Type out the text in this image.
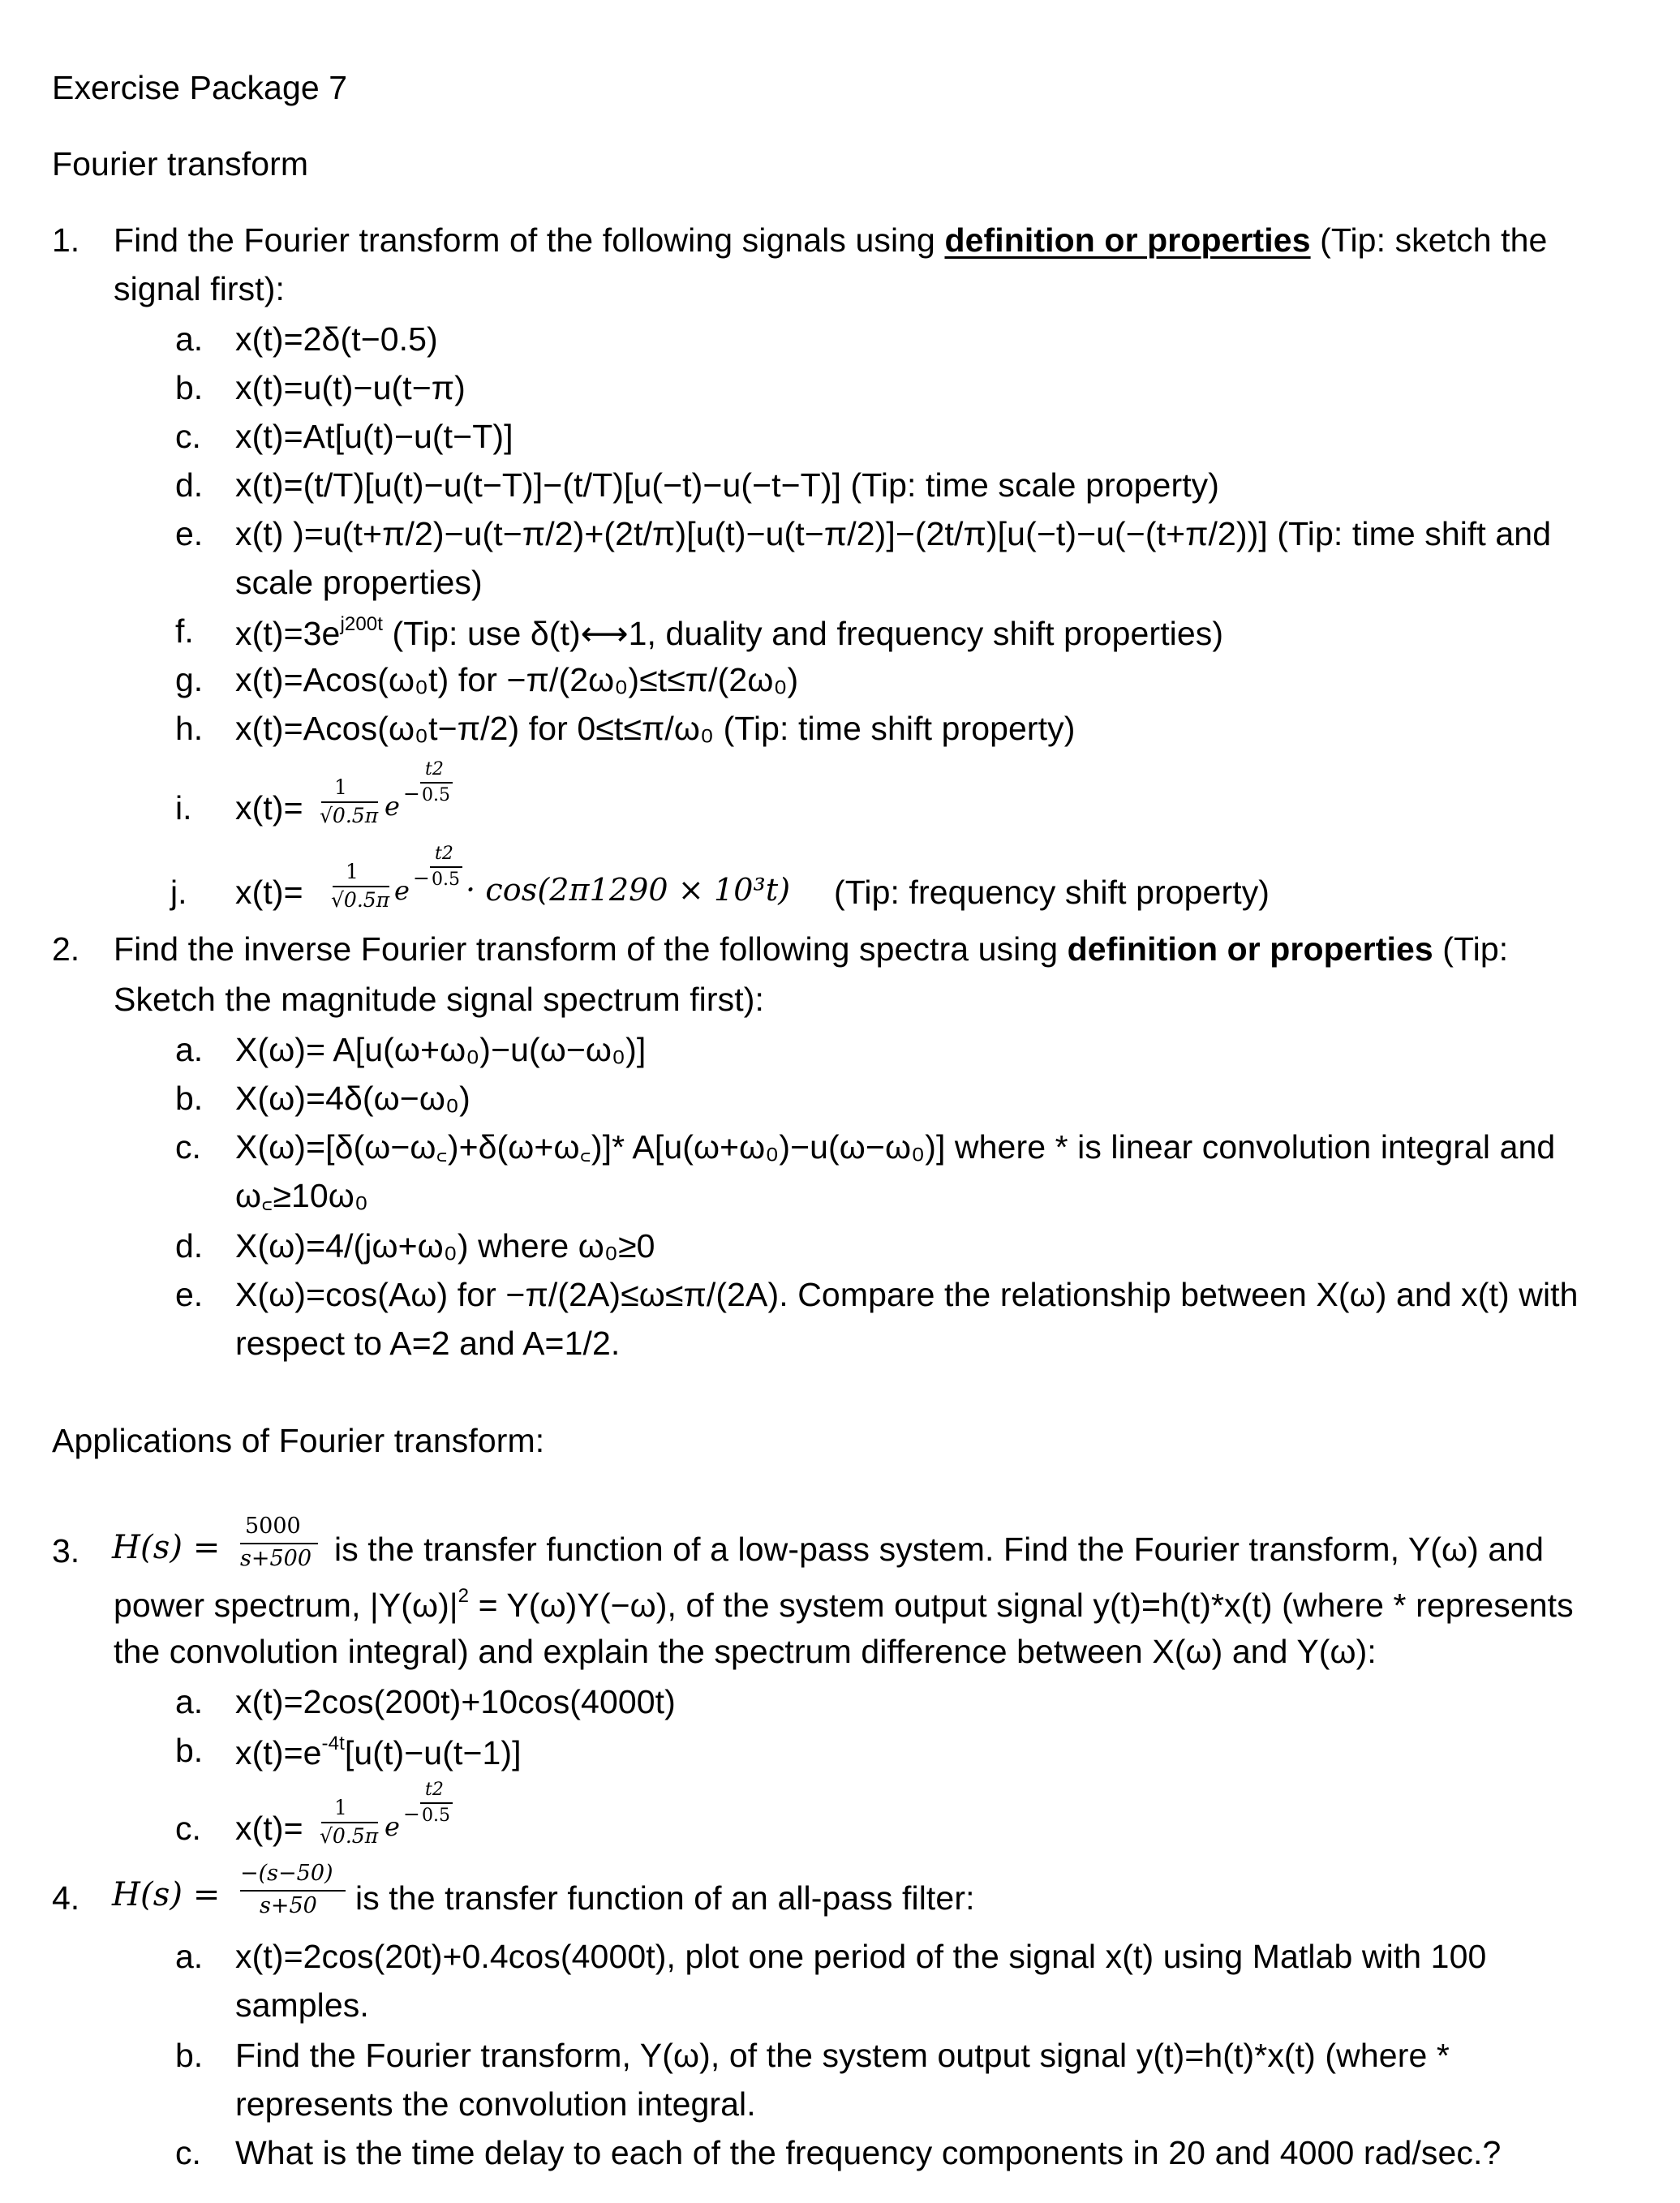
Exercise Package 7
Fourier transform
1. Find the Fourier transform of the following signals using definition or properties (Tip: sketch the
signal first):
a. x(t)=2δ(t−0.5)
b. x(t)=u(t)−u(t−π)
c. x(t)=At[u(t)−u(t−T)]
d. x(t)=(t/T)[u(t)−u(t−T)]−(t/T)[u(−t)−u(−t−T)] (Tip: time scale property)
e. x(t) )=u(t+π/2)−u(t−π/2)+(2t/π)[u(t)−u(t−π/2)]−(2t/π)[u(−t)−u(−(t+π/2))] (Tip: time shift and
scale properties)
f. $x(t)=3e^{j200t}$ (Tip: use δ(t)⟷1, duality and frequency shift properties)
g. x(t)=Acos(ω₀t) for −π/(2ω₀)≤t≤π/(2ω₀)
h. x(t)=Acos(ω₀t−π/2) for 0≤t≤π/ω₀ (Tip: time shift property)
i. x(t)=
1
√0.5π e −
t2
0.5
j. x(t)=
1
√0.5π e −
t2
0.5 · cos(2π1290 × 10³t) (Tip: frequency shift property)
2. Find the inverse Fourier transform of the following spectra using definition or properties (Tip:
Sketch the magnitude signal spectrum first):
a. X(ω)= A[u(ω+ω₀)−u(ω−ω₀)]
b. X(ω)=4δ(ω−ω₀)
c. X(ω)=[δ(ω−ω꜀)+δ(ω+ω꜀)]* A[u(ω+ω₀)−u(ω−ω₀)] where * is linear convolution integral and
ω꜀≥10ω₀
d. X(ω)=4/(jω+ω₀) where ω₀≥0
e. X(ω)=cos(Aω) for −π/(2A)≤ω≤π/(2A). Compare the relationship between X(ω) and x(t) with
respect to A=2 and A=1/2.
Applications of Fourier transform:
3. H(s) =
5000
s+500 is the transfer function of a low-pass system. Find the Fourier transform, Y(ω) and
power spectrum, $|Y(\omega)|^2 = Y(\omega)Y(-\omega)$, of the system output signal y(t)=h(t)*x(t) (where * represents
the convolution integral) and explain the spectrum difference between X(ω) and Y(ω):
a. x(t)=2cos(200t)+10cos(4000t)
b. $x(t)=e^{-4t}[u(t)-u(t-1)]$
c. x(t)=
1
√0.5π e −
t2
0.5
4. H(s) =
−(s−50)
s+50 is the transfer function of an all-pass filter:
a. x(t)=2cos(20t)+0.4cos(4000t), plot one period of the signal x(t) using Matlab with 100
samples.
b. Find the Fourier transform, Y(ω), of the system output signal y(t)=h(t)*x(t) (where *
represents the convolution integral.
c. What is the time delay to each of the frequency components in 20 and 4000 rad/sec.?
